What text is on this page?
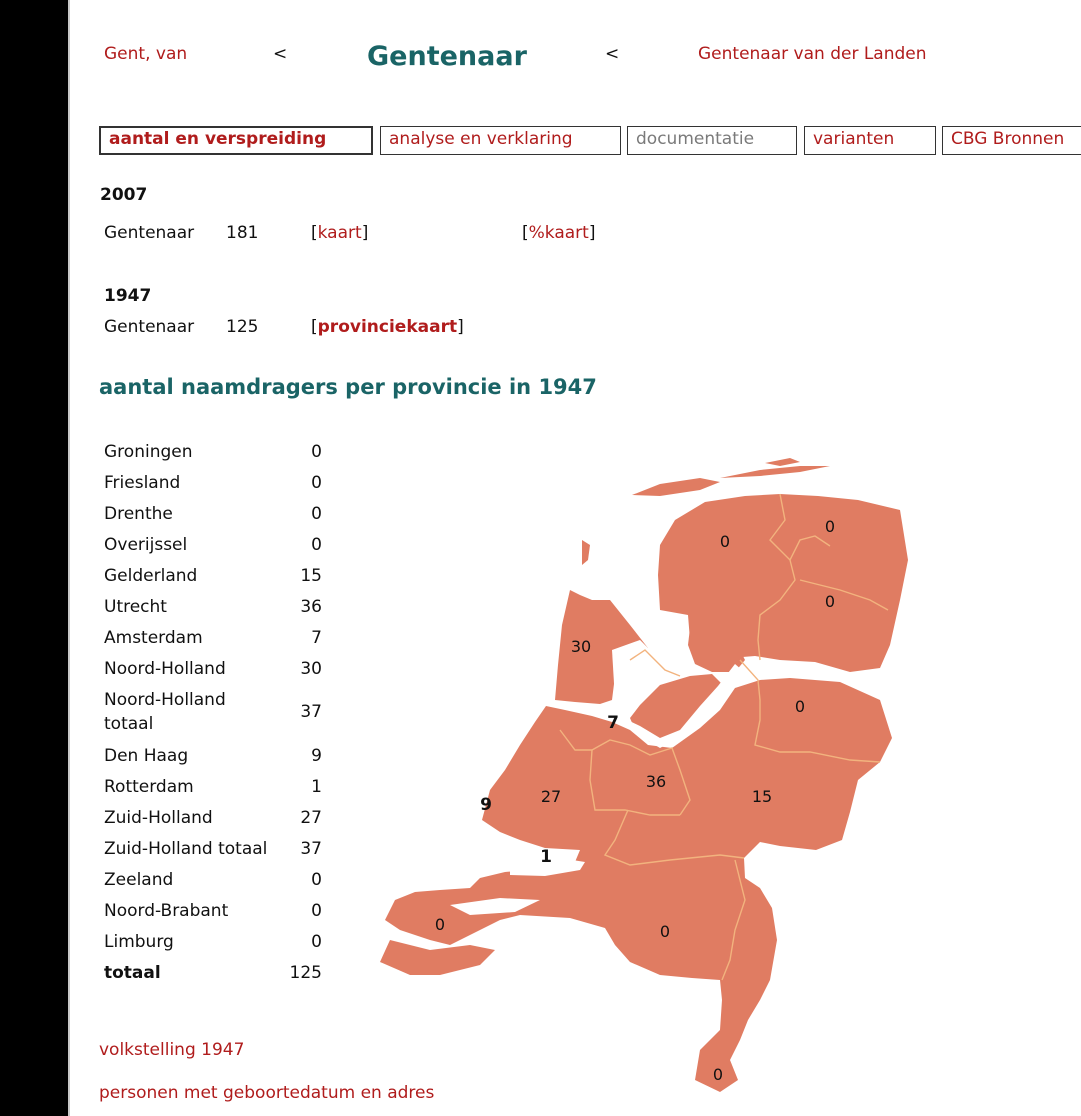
Gent, van	<	Gentenaar	<	Gentenaar van der Landen
aantal en verspreiding	analyse en verklaring	documentatie	varianten	CBG Bronnen
2007
Gentenaar 181	[kaart]	[%kaart]
1947
Gentenaar 125	[provinciekaart]
aantal naamdragers per provincie in 1947
Groningen	0
Friesland	0
Drenthe	0
Overijssel	0
Gelderland	15
Utrecht	36
Amsterdam	7
Noord-Holland	30
Noord-Holland totaal	37
Den Haag	9
Rotterdam	1
Zuid-Holland	27
Zuid-Holland totaal	37
Zeeland	0
Noord-Brabant	0
Limburg	0
totaal	125
0
0
0
0
30
7
36
15
27
9
1
0	0
0
volkstelling 1947
personen met geboortedatum en adres
